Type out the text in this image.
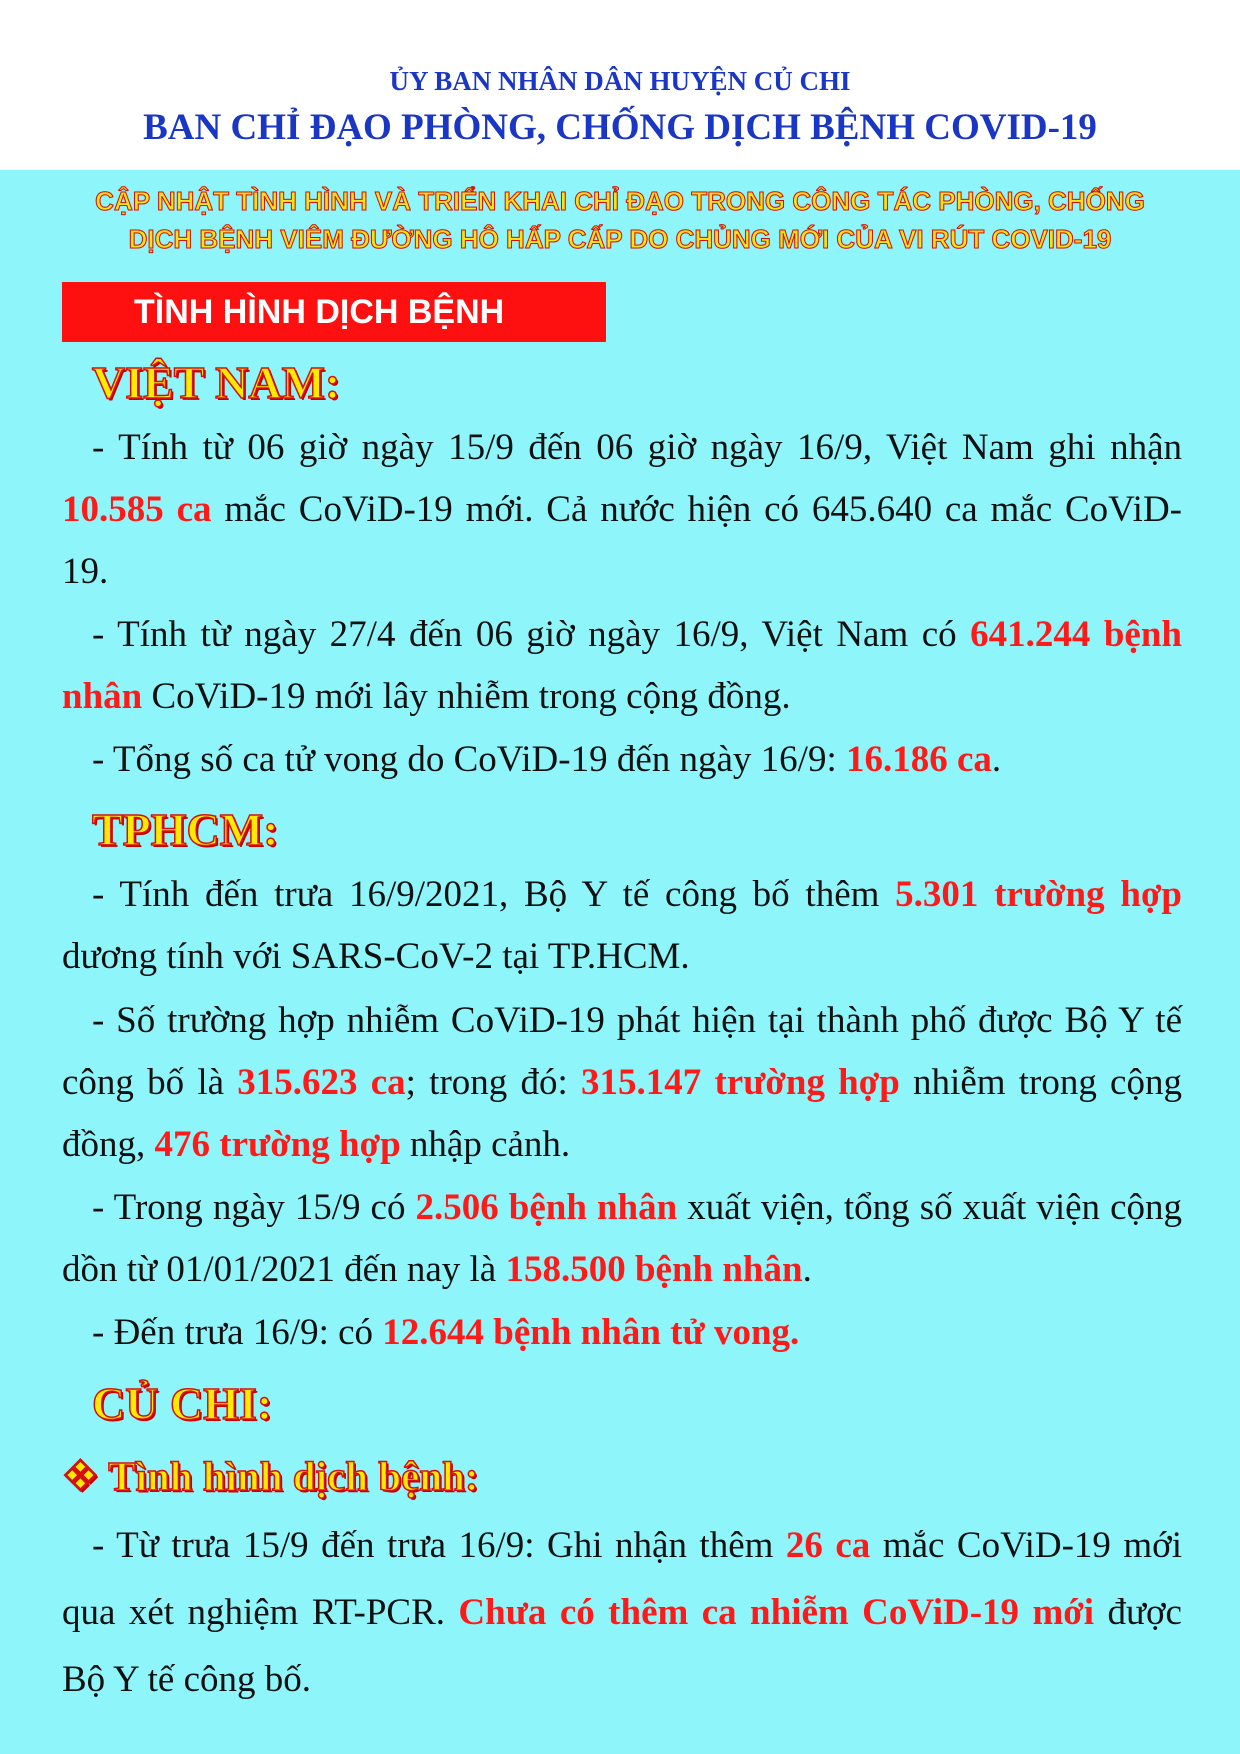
ỦY BAN NHÂN DÂN HUYỆN CỦ CHI
BAN CHỈ ĐẠO PHÒNG, CHỐNG DỊCH BỆNH COVID-19
CẬP NHẬT TÌNH HÌNH VÀ TRIỂN KHAI CHỈ ĐẠO TRONG CÔNG TÁC PHÒNG, CHỐNG
DỊCH BỆNH VIÊM ĐƯỜNG HÔ HẤP CẤP DO CHỦNG MỚI CỦA VI RÚT COVID-19
TÌNH HÌNH DỊCH BỆNH
VIỆT NAM:
- Tính từ 06 giờ ngày 15/9 đến 06 giờ ngày 16/9, Việt Nam ghi nhận 10.585 ca mắc CoViD-19 mới. Cả nước hiện có 645.640 ca mắc CoViD-19.
- Tính từ ngày 27/4 đến 06 giờ ngày 16/9, Việt Nam có 641.244 bệnh nhân CoViD-19 mới lây nhiễm trong cộng đồng.
- Tổng số ca tử vong do CoViD-19 đến ngày 16/9: 16.186 ca.
TPHCM:
- Tính đến trưa 16/9/2021, Bộ Y tế công bố thêm 5.301 trường hợp dương tính với SARS-CoV-2 tại TP.HCM.
- Số trường hợp nhiễm CoViD-19 phát hiện tại thành phố được Bộ Y tế công bố là 315.623 ca; trong đó: 315.147 trường hợp nhiễm trong cộng đồng, 476 trường hợp nhập cảnh.
- Trong ngày 15/9 có 2.506 bệnh nhân xuất viện, tổng số xuất viện cộng dồn từ 01/01/2021 đến nay là 158.500 bệnh nhân.
- Đến trưa 16/9: có 12.644 bệnh nhân tử vong.
CỦ CHI:
❖ Tình hình dịch bệnh:
- Từ trưa 15/9 đến trưa 16/9: Ghi nhận thêm 26 ca mắc CoViD-19 mới qua xét nghiệm RT-PCR. Chưa có thêm ca nhiễm CoViD-19 mới được Bộ Y tế công bố.
